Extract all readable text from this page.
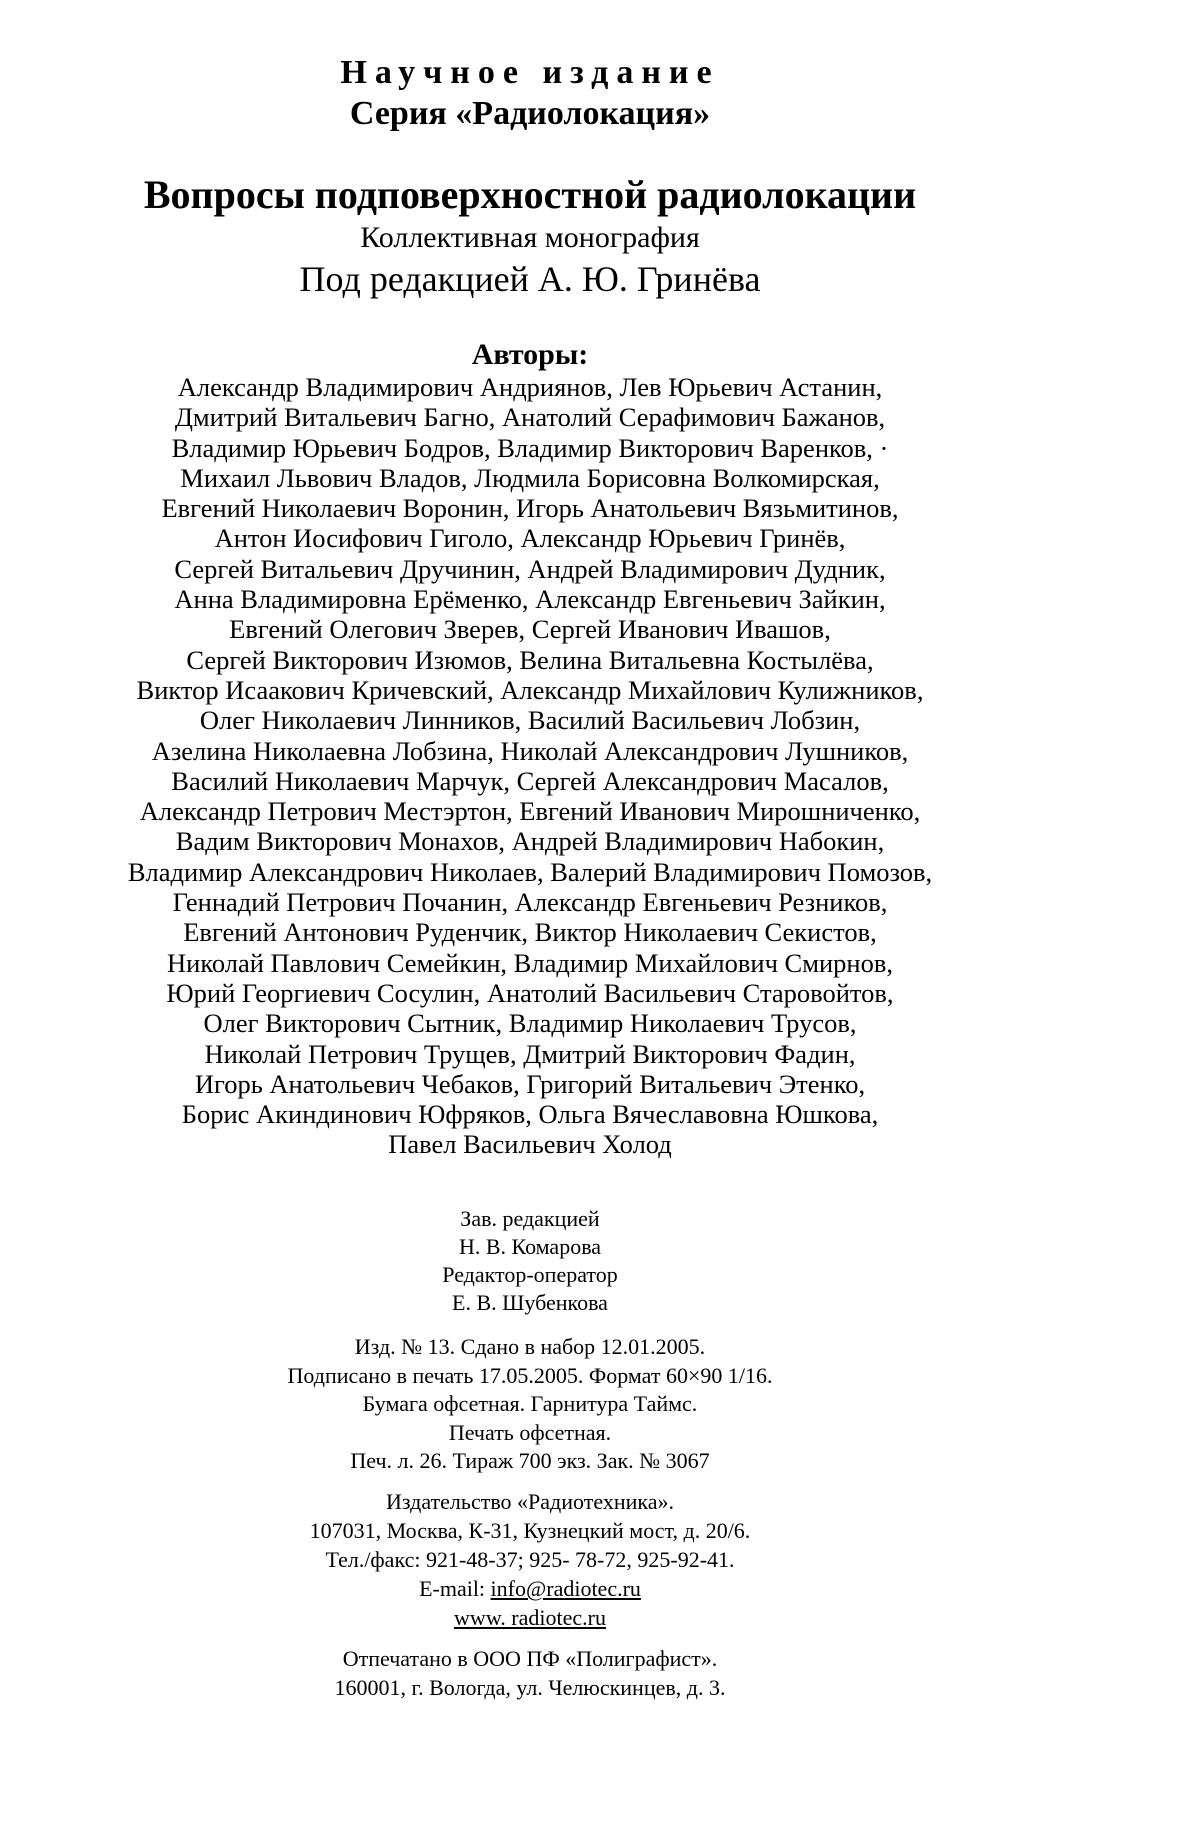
Научное издание
Серия «Радиолокация»
Вопросы подповерхностной радиолокации
Коллективная монография
Под редакцией А. Ю. Гринёва
Авторы:
Александр Владимирович Андриянов, Лев Юрьевич Астанин,
Дмитрий Витальевич Багно, Анатолий Серафимович Бажанов,
Владимир Юрьевич Бодров, Владимир Викторович Варенков, ·
Михаил Львович Владов, Людмила Борисовна Волкомирская,
Евгений Николаевич Воронин, Игорь Анатольевич Вязьмитинов,
Антон Иосифович Гиголо, Александр Юрьевич Гринёв,
Сергей Витальевич Дручинин, Андрей Владимирович Дудник,
Анна Владимировна Ерёменко, Александр Евгеньевич Зайкин,
Евгений Олегович Зверев, Сергей Иванович Ивашов,
Сергей Викторович Изюмов, Велина Витальевна Костылёва,
Виктор Исаакович Кричевский, Александр Михайлович Кулижников,
Олег Николаевич Линников, Василий Васильевич Лобзин,
Азелина Николаевна Лобзина, Николай Александрович Лушников,
Василий Николаевич Марчук, Сергей Александрович Масалов,
Александр Петрович Местэртон, Евгений Иванович Мирошниченко,
Вадим Викторович Монахов, Андрей Владимирович Набокин,
Владимир Александрович Николаев, Валерий Владимирович Помозов,
Геннадий Петрович Почанин, Александр Евгеньевич Резников,
Евгений Антонович Руденчик, Виктор Николаевич Секистов,
Николай Павлович Семейкин, Владимир Михайлович Смирнов,
Юрий Георгиевич Сосулин, Анатолий Васильевич Старовойтов,
Олег Викторович Сытник, Владимир Николаевич Трусов,
Николай Петрович Трущев, Дмитрий Викторович Фадин,
Игорь Анатольевич Чебаков, Григорий Витальевич Этенко,
Борис Акиндинович Юфряков, Ольга Вячеславовна Юшкова,
Павел Васильевич Холод
Зав. редакцией
Н. В. Комарова
Редактор-оператор
Е. В. Шубенкова
Изд. № 13. Сдано в набор 12.01.2005.
Подписано в печать 17.05.2005. Формат 60×90 1/16.
Бумага офсетная. Гарнитура Таймс.
Печать офсетная.
Печ. л. 26. Тираж 700 экз. Зак. № 3067
Издательство «Радиотехника».
107031, Москва, К-31, Кузнецкий мост, д. 20/6.
Тел./факс: 921-48-37; 925- 78-72, 925-92-41.
E-mail: info@radiotec.ru
www. radiotec.ru
Отпечатано в ООО ПФ «Полиграфист».
160001, г. Вологда, ул. Челюскинцев, д. 3.
